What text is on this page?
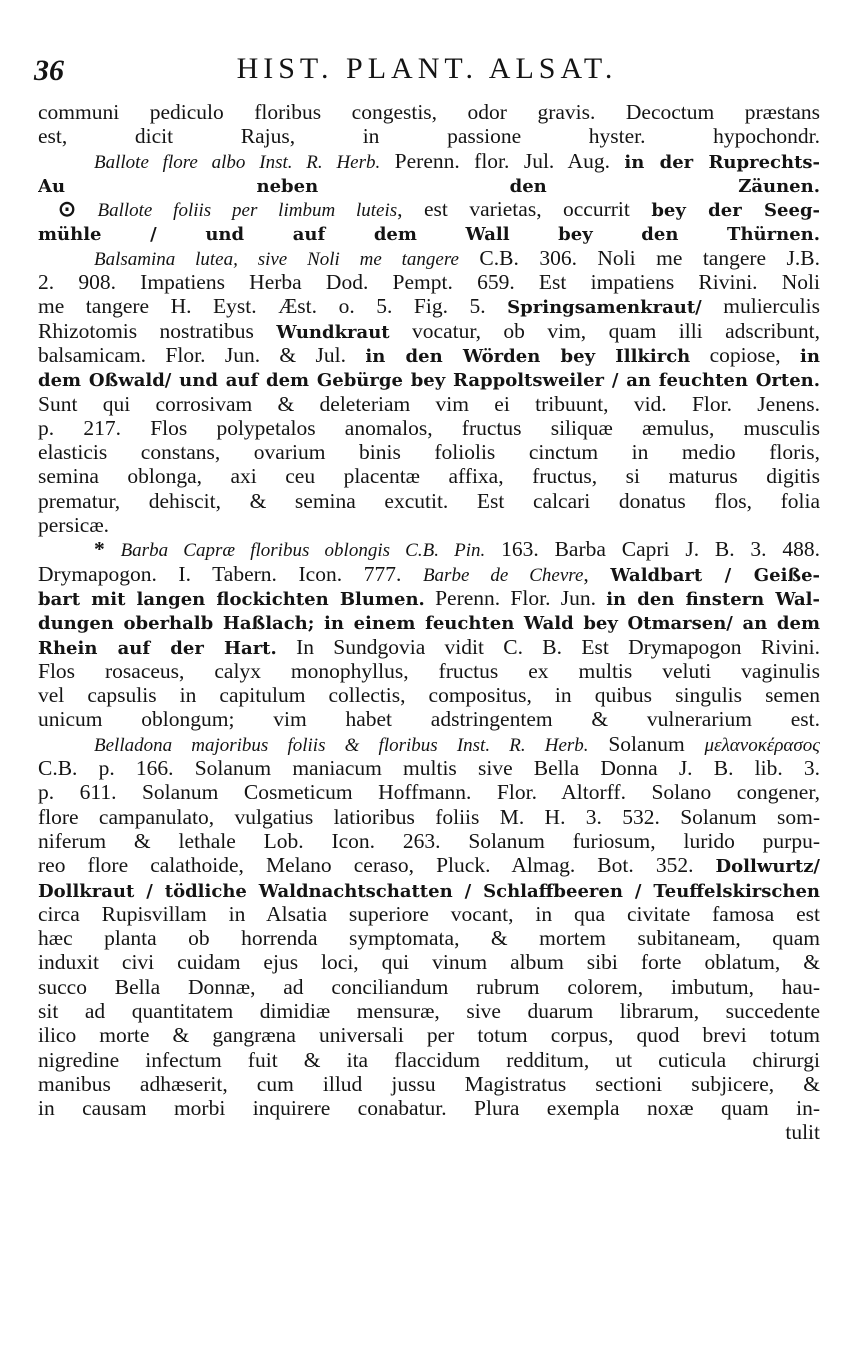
36	HIST. PLANT. ALSAT.
communi pediculo floribus congestis, odor gravis. Decoctum præstans
est, dicit Rajus, in passione hyster. hypochondr.
Ballote flore albo Inst. R. Herb. Perenn. flor. Jul. Aug. in der Ruprechts-
Au neben den Zäunen.
⊙ Ballote foliis per limbum luteis, est varietas, occurrit bey der Seeg-
mühle / und auf dem Wall bey den Thürnen.
Balsamina lutea, sive Noli me tangere C.B. 306. Noli me tangere J.B.
2. 908. Impatiens Herba Dod. Pempt. 659. Est impatiens Rivini. Noli
me tangere H. Eyst. Æst. o. 5. Fig. 5. Springsamenkraut/ mulierculis
Rhizotomis nostratibus Wundkraut vocatur, ob vim, quam illi adscribunt,
balsamicam. Flor. Jun. & Jul. in den Wörden bey Illkirch copiose, in
dem Oßwald/ und auf dem Gebürge bey Rappoltsweiler / an feuchten Orten.
Sunt qui corrosivam & deleteriam vim ei tribuunt, vid. Flor. Jenens.
p. 217. Flos polypetalos anomalos, fructus siliquæ æmulus, musculis
elasticis constans, ovarium binis foliolis cinctum in medio floris,
semina oblonga, axi ceu placentæ affixa, fructus, si maturus digitis
prematur, dehiscit, & semina excutit. Est calcari donatus flos, folia
persicæ.
* Barba Capræ floribus oblongis C.B. Pin. 163. Barba Capri J. B. 3. 488.
Drymapogon. I. Tabern. Icon. 777. Barbe de Chevre, Waldbart / Geiße-
bart mit langen flockichten Blumen. Perenn. Flor. Jun. in den finstern Wal-
dungen oberhalb Haßlach; in einem feuchten Wald bey Otmarsen/ an dem
Rhein auf der Hart. In Sundgovia vidit C. B. Est Drymapogon Rivini.
Flos rosaceus, calyx monophyllus, fructus ex multis veluti vaginulis
vel capsulis in capitulum collectis, compositus, in quibus singulis semen
unicum oblongum; vim habet adstringentem & vulnerarium est.
Belladona majoribus foliis & floribus Inst. R. Herb. Solanum μελανοκέρασος
C.B. p. 166. Solanum maniacum multis sive Bella Donna J. B. lib. 3.
p. 611. Solanum Cosmeticum Hoffmann. Flor. Altorff. Solano congener,
flore campanulato, vulgatius latioribus foliis M. H. 3. 532. Solanum som-
niferum & lethale Lob. Icon. 263. Solanum furiosum, lurido purpu-
reo flore calathoide, Melano ceraso, Pluck. Almag. Bot. 352. Dollwurtz/
Dollkraut / tödliche Waldnachtschatten / Schlaffbeeren / Teuffelskirschen
circa Rupisvillam in Alsatia superiore vocant, in qua civitate famosa est
hæc planta ob horrenda symptomata, & mortem subitaneam, quam
induxit civi cuidam ejus loci, qui vinum album sibi forte oblatum, &
succo Bella Donnæ, ad conciliandum rubrum colorem, imbutum, hau-
sit ad quantitatem dimidiæ mensuræ, sive duarum librarum, succedente
ilico morte & gangræna universali per totum corpus, quod brevi totum
nigredine infectum fuit & ita flaccidum redditum, ut cuticula chirurgi
manibus adhæserit, cum illud jussu Magistratus sectioni subjicere, &
in causam morbi inquirere conabatur. Plura exempla noxæ quam in-
tulit
